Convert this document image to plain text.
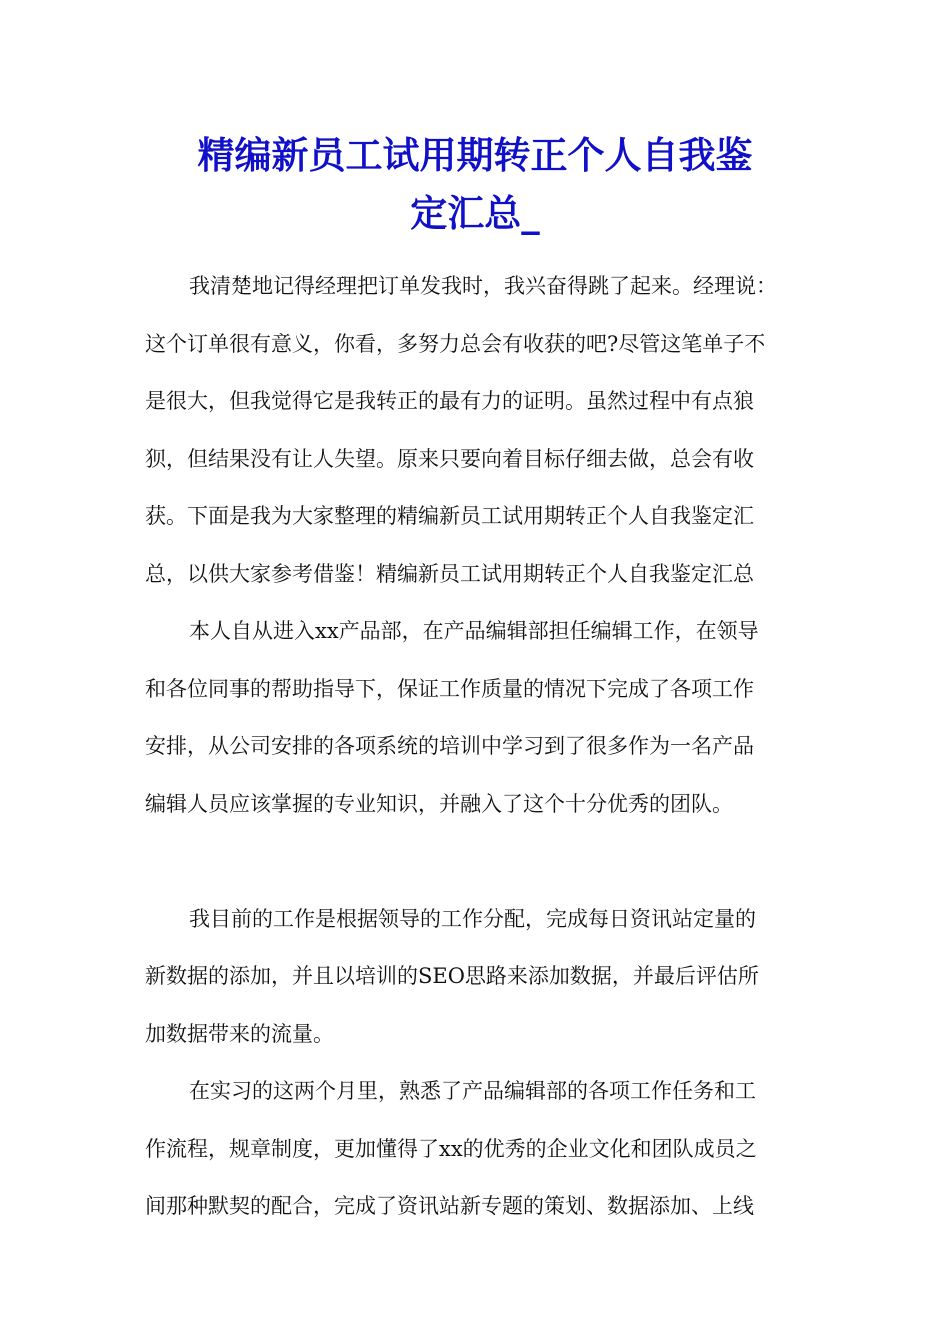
精编新员工试用期转正个人自我鉴
定汇总_
我清楚地记得经理把订单发我时，我兴奋得跳了起来。经理说：
这个订单很有意义，你看，多努力总会有收获的吧?尽管这笔单子不
是很大，但我觉得它是我转正的最有力的证明。虽然过程中有点狼
狈，但结果没有让人失望。原来只要向着目标仔细去做，总会有收
获。下面是我为大家整理的精编新员工试用期转正个人自我鉴定汇
总，以供大家参考借鉴！精编新员工试用期转正个人自我鉴定汇总
本人自从进入xx产品部，在产品编辑部担任编辑工作，在领导
和各位同事的帮助指导下，保证工作质量的情况下完成了各项工作
安排，从公司安排的各项系统的培训中学习到了很多作为一名产品
编辑人员应该掌握的专业知识，并融入了这个十分优秀的团队。
我目前的工作是根据领导的工作分配，完成每日资讯站定量的
新数据的添加，并且以培训的SEO思路来添加数据，并最后评估所
加数据带来的流量。
在实习的这两个月里，熟悉了产品编辑部的各项工作任务和工
作流程，规章制度，更加懂得了xx的优秀的企业文化和团队成员之
间那种默契的配合，完成了资讯站新专题的策划、数据添加、上线
